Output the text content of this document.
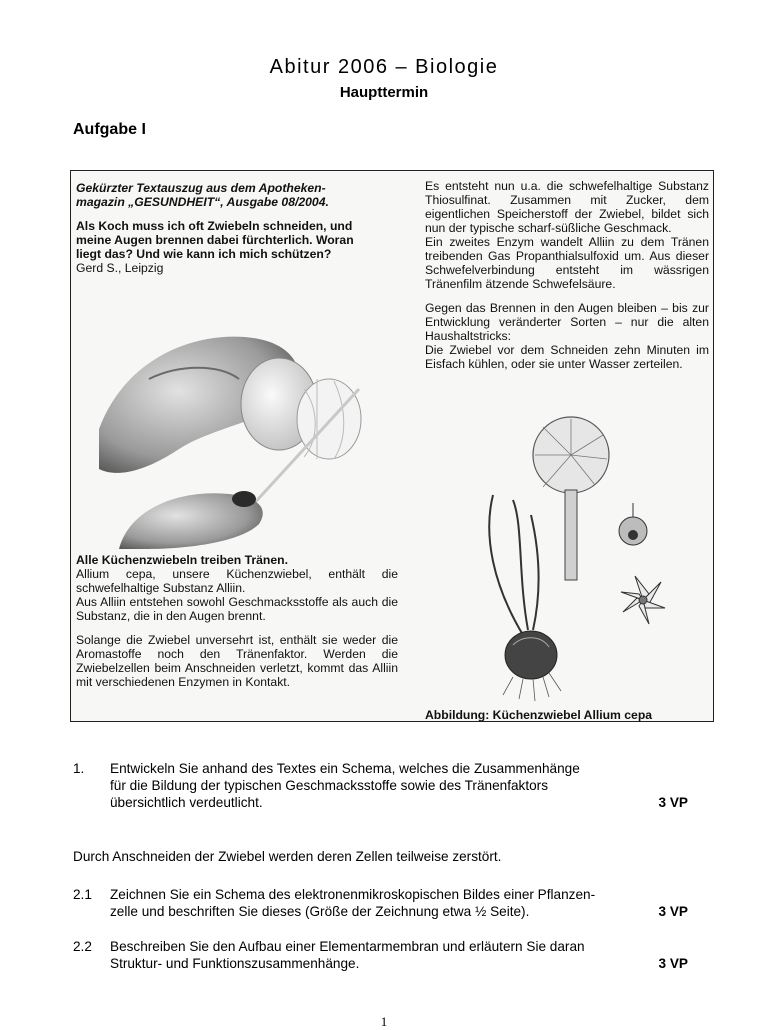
Abitur 2006 – Biologie
Haupttermin
Aufgabe I
Gekürzter Textauszug aus dem Apotheken-
magazin „GESUNDHEIT“, Ausgabe 08/2004.
Als Koch muss ich oft Zwiebeln schneiden, und
meine Augen brennen dabei fürchterlich. Woran
liegt das? Und wie kann ich mich schützen?
Gerd S., Leipzig
Alle Küchenzwiebeln treiben Tränen.
Allium cepa, unsere Küchenzwiebel, enthält die schwefelhaltige Substanz Alliin.
Aus Alliin entstehen sowohl Geschmacksstoffe als auch die Substanz, die in den Augen brennt.
Solange die Zwiebel unversehrt ist, enthält sie weder die Aromastoffe noch den Tränenfaktor. Werden die Zwiebelzellen beim Anschneiden verletzt, kommt das Alliin mit verschiedenen Enzymen in Kontakt.
Es entsteht nun u.a. die schwefelhaltige Substanz Thiosulfinat. Zusammen mit Zucker, dem eigentlichen Speicherstoff der Zwiebel, bildet sich nun der typische scharf-süßliche Geschmack.
Ein zweites Enzym wandelt Alliin zu dem Tränen treibenden Gas Propanthialsulfoxid um. Aus dieser Schwefelverbindung entsteht im wässrigen Tränenfilm ätzende Schwefelsäure.
Gegen das Brennen in den Augen bleiben – bis zur Entwicklung veränderter Sorten – nur die alten Haushaltstricks:
Die Zwiebel vor dem Schneiden zehn Minuten im Eisfach kühlen, oder sie unter Wasser zerteilen.
Abbildung: Küchenzwiebel Allium cepa
1. Entwickeln Sie anhand des Textes ein Schema, welches die Zusammenhänge
für die Bildung der typischen Geschmacksstoffe sowie des Tränenfaktors
übersichtlich verdeutlicht.	3 VP
Durch Anschneiden der Zwiebel werden deren Zellen teilweise zerstört.
2.1 Zeichnen Sie ein Schema des elektronenmikroskopischen Bildes einer Pflanzen-
zelle und beschriften Sie dieses (Größe der Zeichnung etwa ½ Seite).	3 VP
2.2 Beschreiben Sie den Aufbau einer Elementarmembran und erläutern Sie daran
Struktur- und Funktionszusammenhänge.	3 VP
1
